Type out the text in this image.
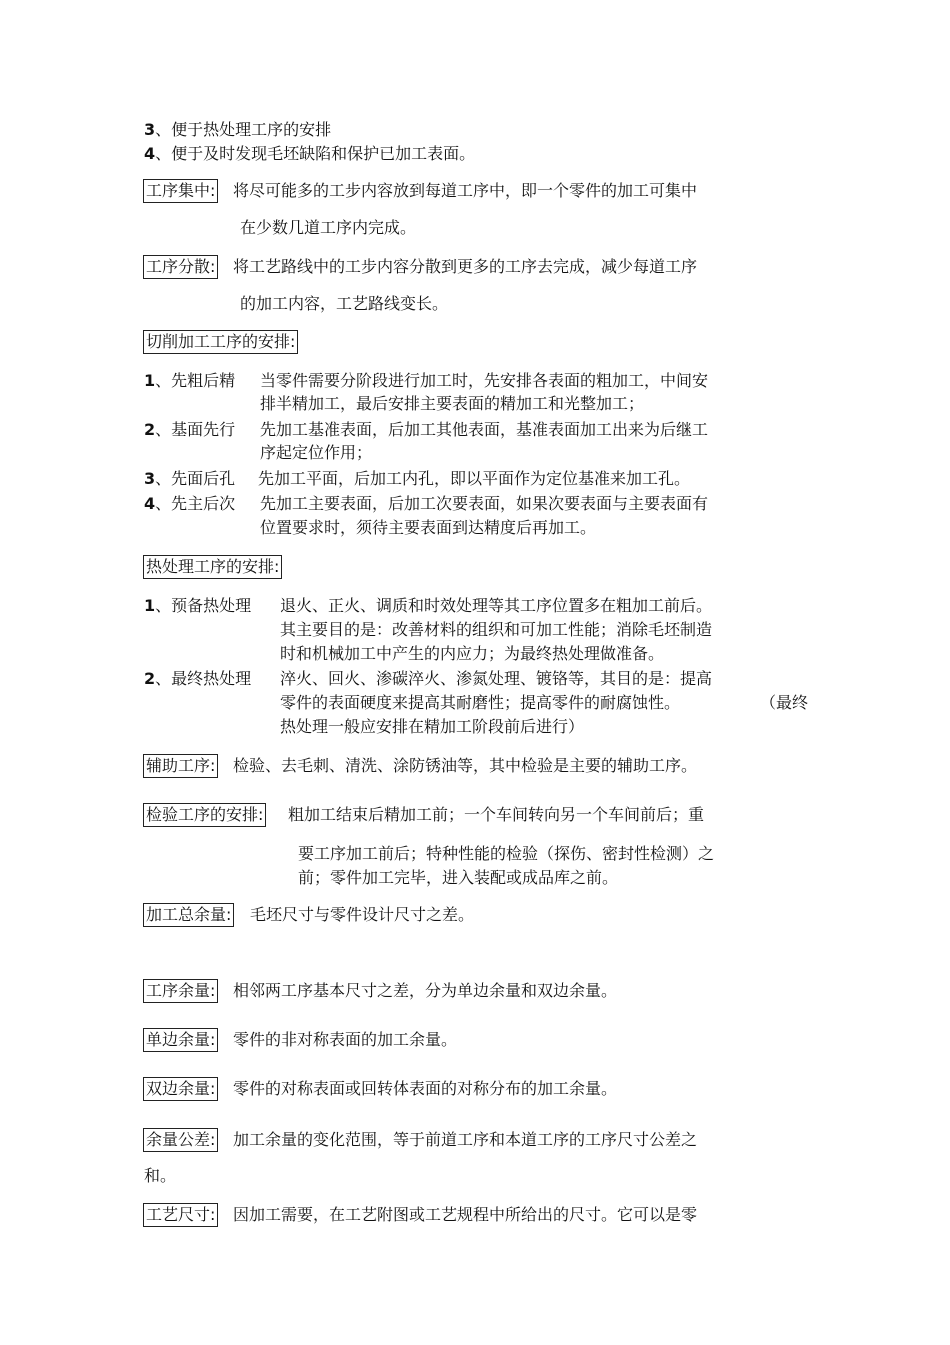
3、便于热处理工序的安排
4、便于及时发现毛坯缺陷和保护已加工表面。
工序集中: 将尽可能多的工步内容放到每道工序中，即一个零件的加工可集中
在少数几道工序内完成。
工序分散: 将工艺路线中的工步内容分散到更多的工序去完成，减少每道工序
的加工内容，工艺路线变长。
切削加工工序的安排:
1、先粗后精 当零件需要分阶段进行加工时，先安排各表面的粗加工，中间安
排半精加工，最后安排主要表面的精加工和光整加工；
2、基面先行 先加工基准表面，后加工其他表面，基准表面加工出来为后继工
序起定位作用；
3、先面后孔 先加工平面，后加工内孔，即以平面作为定位基准来加工孔。
4、先主后次 先加工主要表面，后加工次要表面，如果次要表面与主要表面有
位置要求时，须待主要表面到达精度后再加工。
热处理工序的安排:
1、预备热处理 退火、正火、调质和时效处理等其工序位置多在粗加工前后。
其主要目的是：改善材料的组织和可加工性能；消除毛坯制造
时和机械加工中产生的内应力；为最终热处理做准备。
2、最终热处理 淬火、回火、渗碳淬火、渗氮处理、镀铬等，其目的是：提高
零件的表面硬度来提高其耐磨性；提高零件的耐腐蚀性。	（最终
热处理一般应安排在精加工阶段前后进行）
辅助工序: 检验、去毛刺、清洗、涂防锈油等，其中检验是主要的辅助工序。
检验工序的安排: 粗加工结束后精加工前；一个车间转向另一个车间前后；重
要工序加工前后；特种性能的检验（探伤、密封性检测）之
前；零件加工完毕，进入装配或成品库之前。
加工总余量: 毛坯尺寸与零件设计尺寸之差。
工序余量: 相邻两工序基本尺寸之差，分为单边余量和双边余量。
单边余量: 零件的非对称表面的加工余量。
双边余量: 零件的对称表面或回转体表面的对称分布的加工余量。
余量公差: 加工余量的变化范围，等于前道工序和本道工序的工序尺寸公差之
和。
工艺尺寸: 因加工需要，在工艺附图或工艺规程中所给出的尺寸。它可以是零
